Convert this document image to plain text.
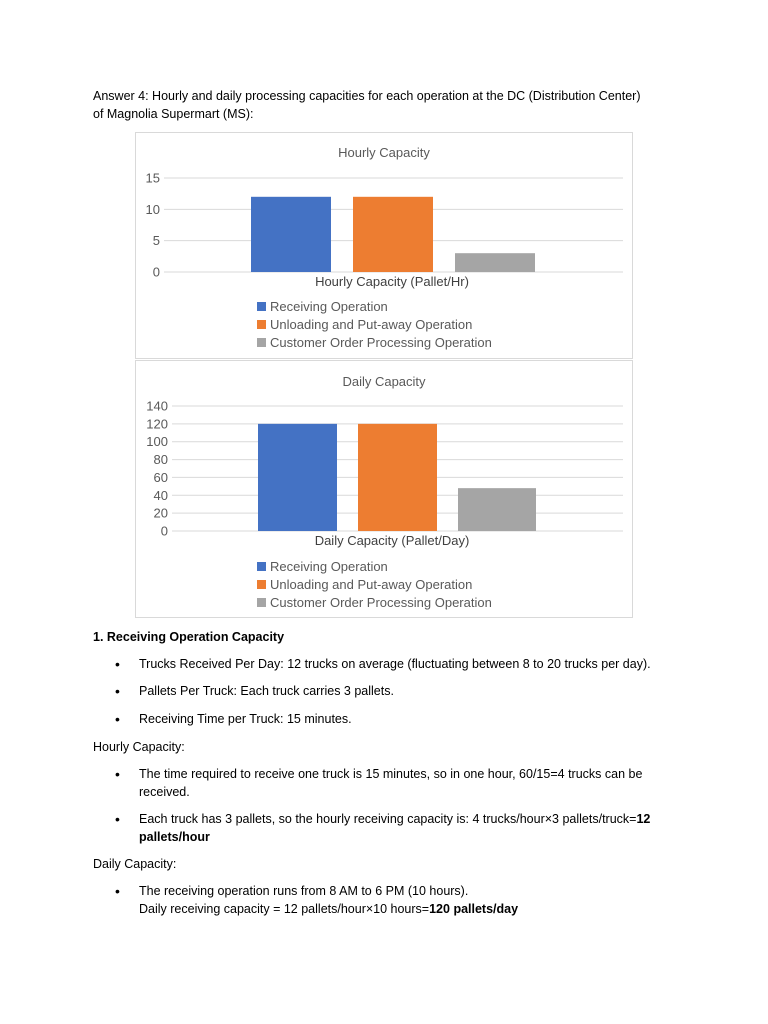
Answer 4: Hourly and daily processing capacities for each operation at the DC (Distribution Center)
of Magnolia Supermart (MS):
Hourly Capacity
0
5
10
15
Hourly Capacity (Pallet/Hr)
Receiving Operation
Unloading and Put-away Operation
Customer Order Processing Operation
Daily Capacity
0
20
40
60
80
100
120
140
Daily Capacity (Pallet/Day)
Receiving Operation
Unloading and Put-away Operation
Customer Order Processing Operation
1. Receiving Operation Capacity
• Trucks Received Per Day: 12 trucks on average (fluctuating between 8 to 20 trucks per day).
• Pallets Per Truck: Each truck carries 3 pallets.
• Receiving Time per Truck: 15 minutes.
Hourly Capacity:
• The time required to receive one truck is 15 minutes, so in one hour, 60/15=4 trucks can be
received.
• Each truck has 3 pallets, so the hourly receiving capacity is: 4 trucks/hour×3 pallets/truck=12
pallets/hour
Daily Capacity:
• The receiving operation runs from 8 AM to 6 PM (10 hours).
Daily receiving capacity = 12 pallets/hour×10 hours=120 pallets/day
